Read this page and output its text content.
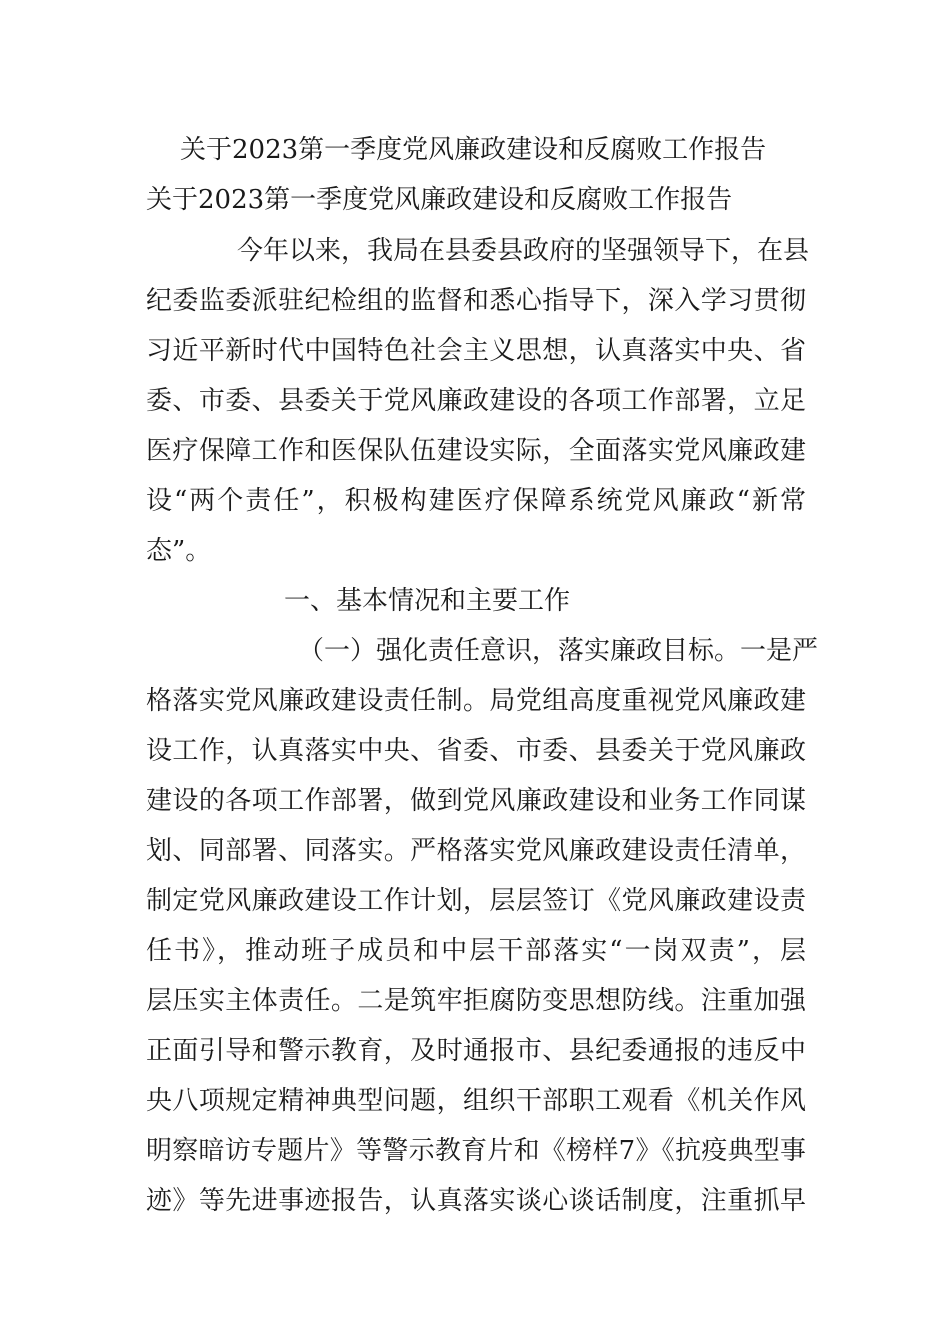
关于2023第一季度党风廉政建设和反腐败工作报告
关于2023第一季度党风廉政建设和反腐败工作报告
今年以来，我局在县委县政府的坚强领导下，在县
纪委监委派驻纪检组的监督和悉心指导下，深入学习贯彻
习近平新时代中国特色社会主义思想，认真落实中央、省
委、市委、县委关于党风廉政建设的各项工作部署，立足
医疗保障工作和医保队伍建设实际，全面落实党风廉政建
设“两个责任”，积极构建医疗保障系统党风廉政“新常
态”。
一、基本情况和主要工作
（一）强化责任意识，落实廉政目标。一是严
格落实党风廉政建设责任制。局党组高度重视党风廉政建
设工作，认真落实中央、省委、市委、县委关于党风廉政
建设的各项工作部署，做到党风廉政建设和业务工作同谋
划、同部署、同落实。严格落实党风廉政建设责任清单，
制定党风廉政建设工作计划，层层签订《党风廉政建设责
任书》，推动班子成员和中层干部落实“一岗双责”，层
层压实主体责任。二是筑牢拒腐防变思想防线。注重加强
正面引导和警示教育，及时通报市、县纪委通报的违反中
央八项规定精神典型问题，组织干部职工观看《机关作风
明察暗访专题片》等警示教育片和《榜样7》《抗疫典型事
迹》等先进事迹报告，认真落实谈心谈话制度，注重抓早
